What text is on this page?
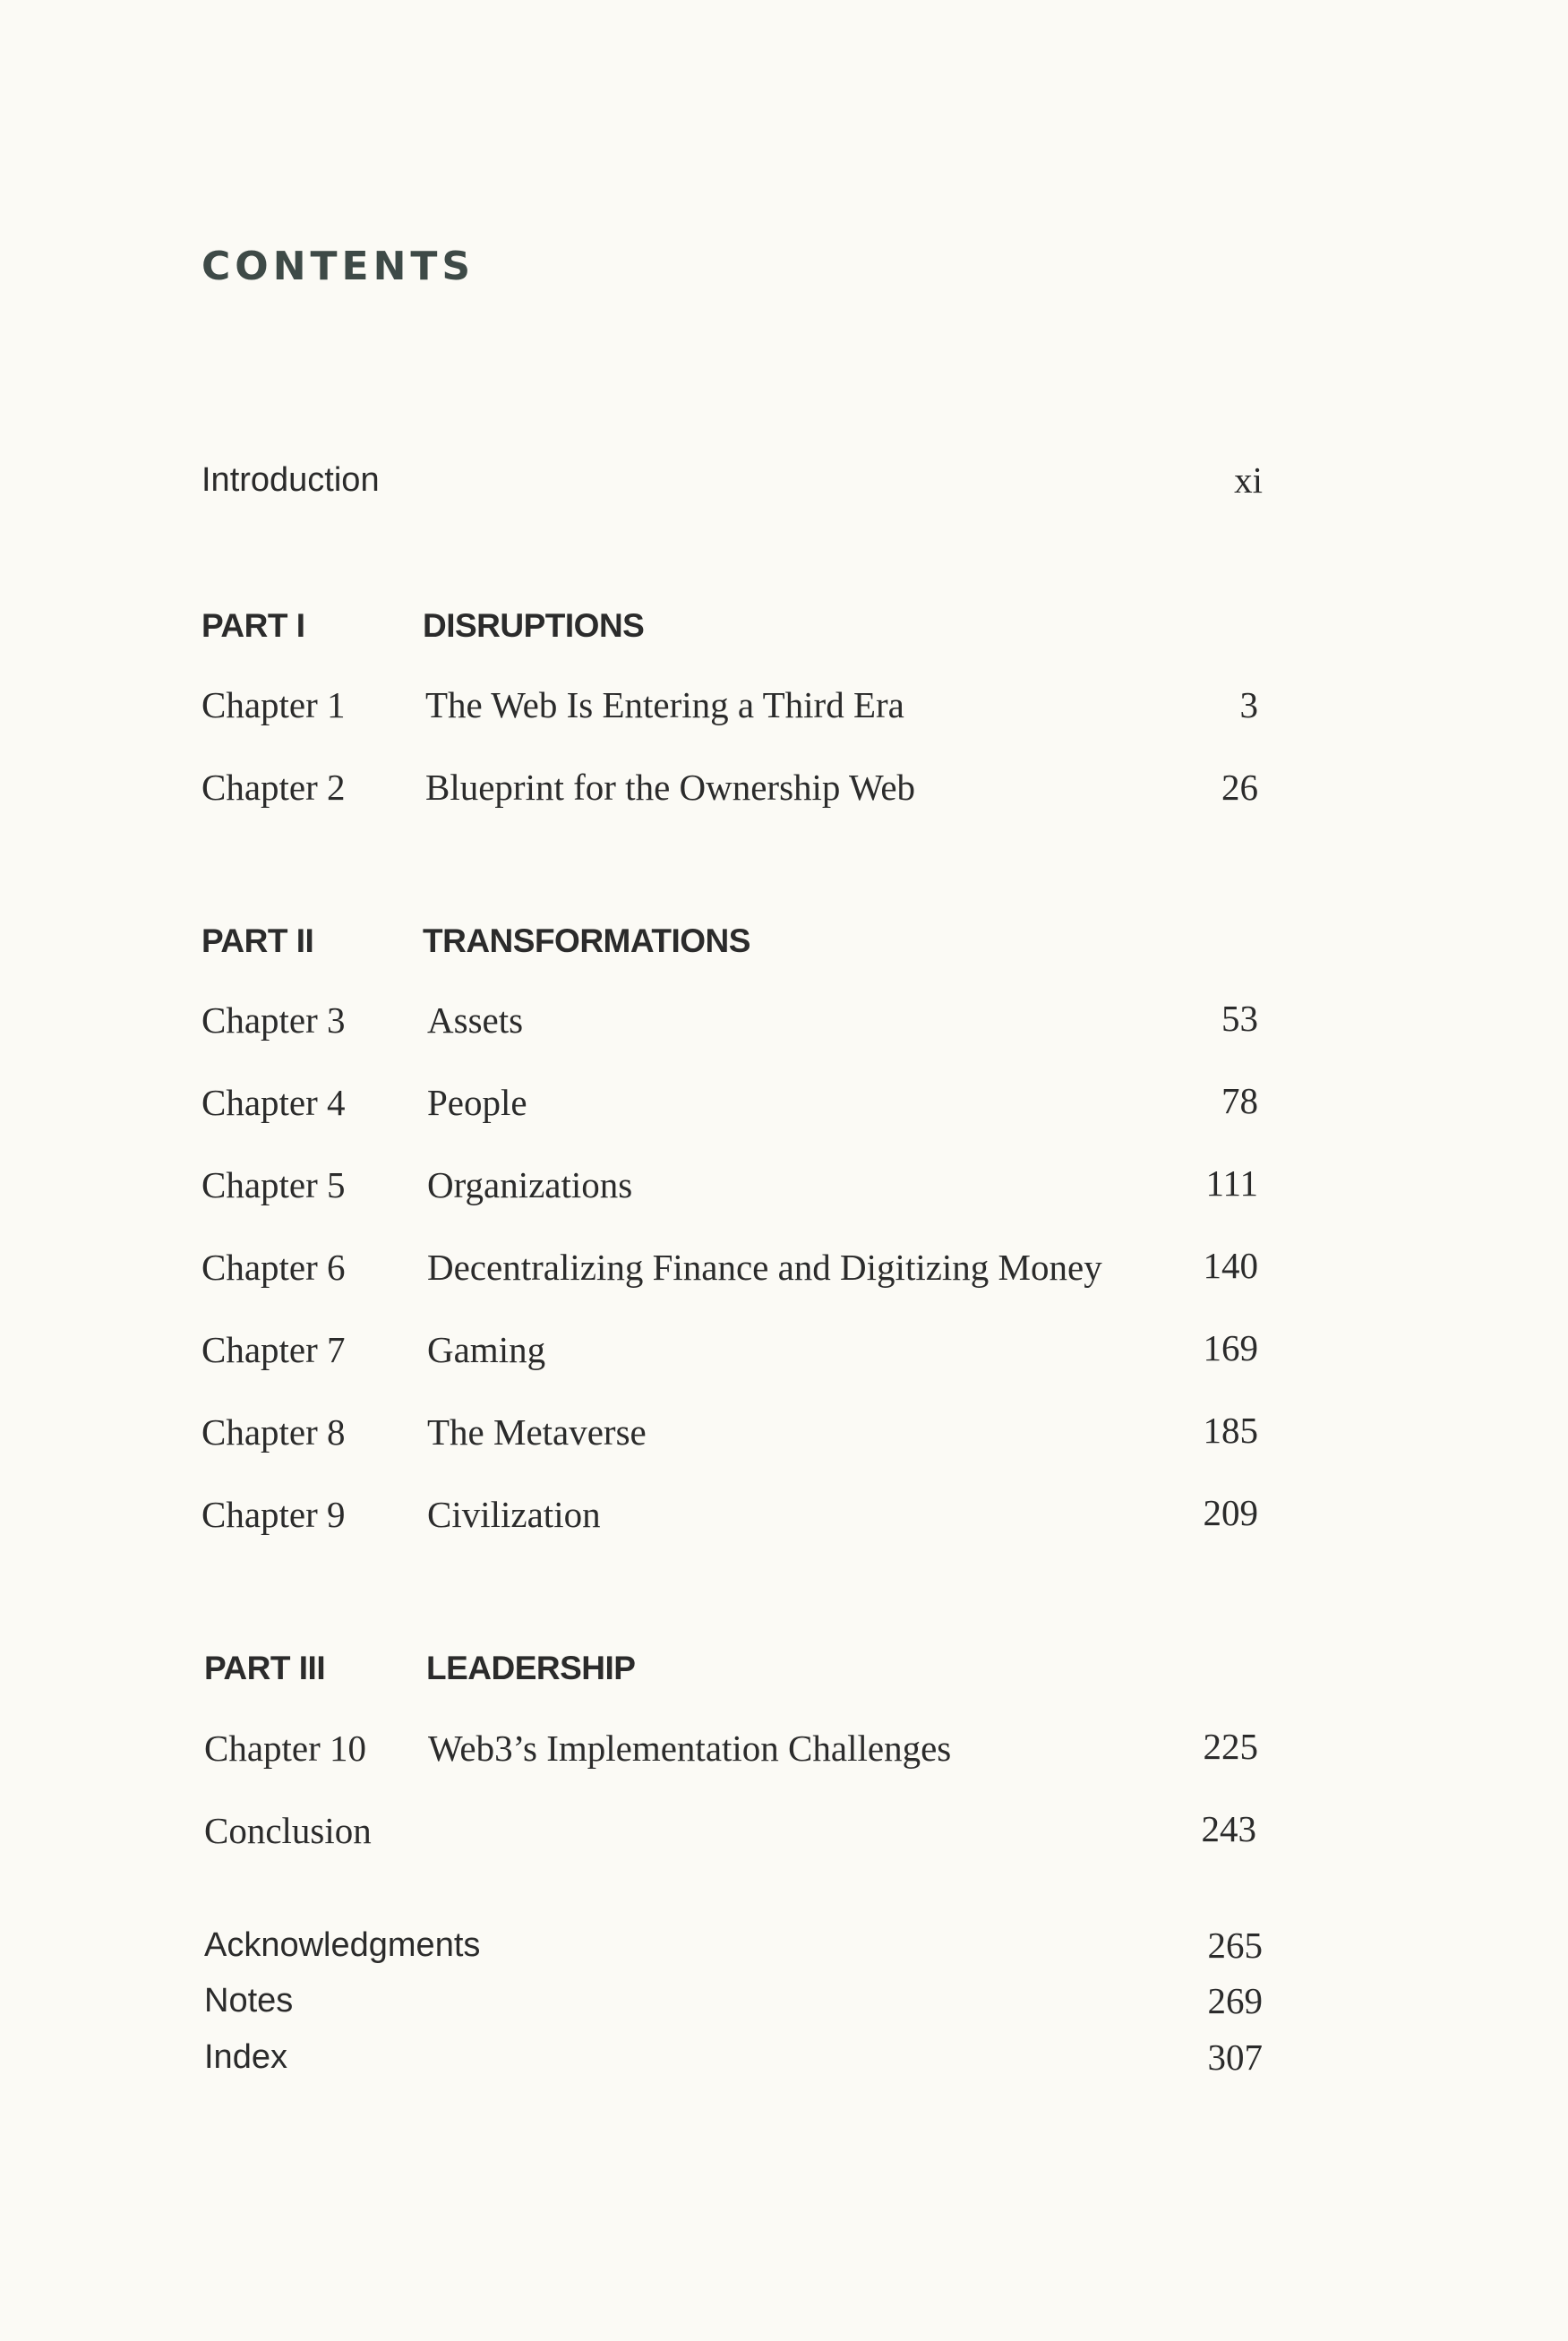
CONTENTS
Introduction	xi
PART I	DISRUPTIONS
Chapter 1 The Web Is Entering a Third Era	3
Chapter 2 Blueprint for the Ownership Web	26
PART II	TRANSFORMATIONS
Chapter 3 Assets	53
Chapter 4 People	78
Chapter 5 Organizations	111
Chapter 6 Decentralizing Finance and Digitizing Money	140
Chapter 7 Gaming	169
Chapter 8 The Metaverse	185
Chapter 9 Civilization	209
PART III	LEADERSHIP
Chapter 10 Web3’s Implementation Challenges	225
Conclusion	243
Acknowledgments	265
Notes	269
Index	307
